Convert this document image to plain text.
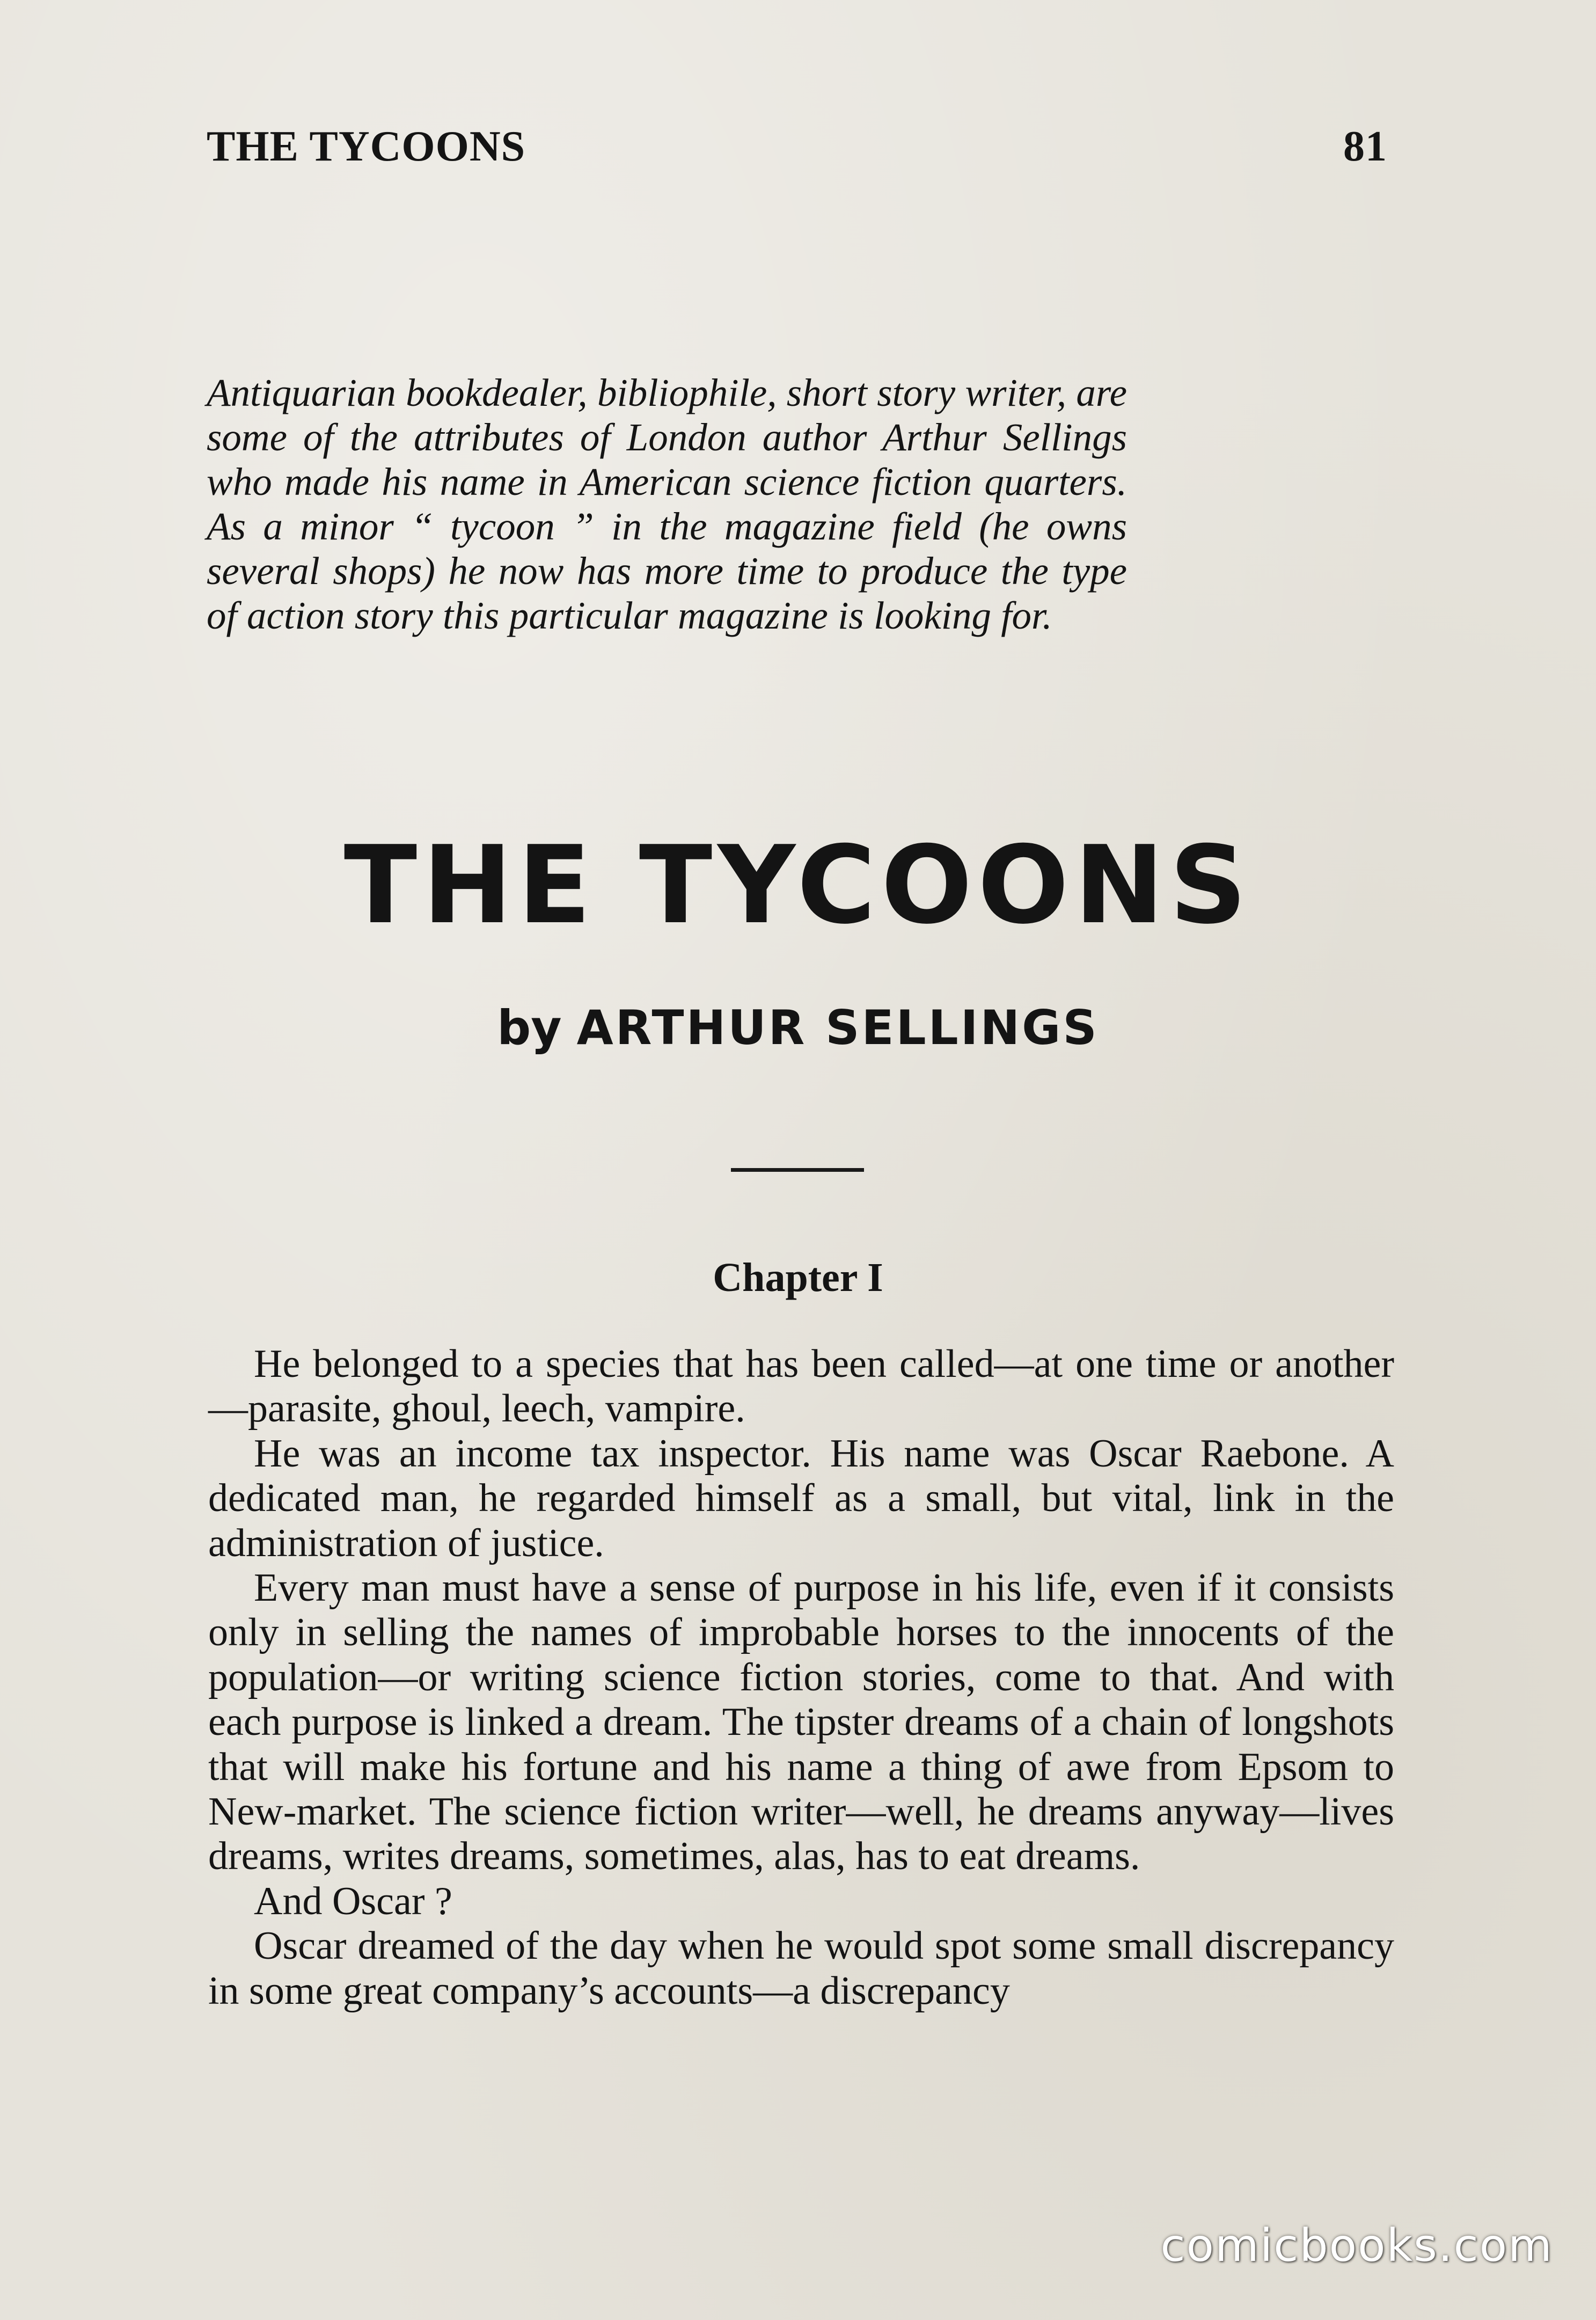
THE TYCOONS	81
Antiquarian bookdealer, bibliophile, short story writer, are some of the attributes of London author Arthur Sellings who made his name in American science fiction quarters. As a minor “ tycoon ” in the magazine field (he owns several shops) he now has more time to produce the type of action story this particular magazine is looking for.
THE TYCOONS
by ARTHUR SELLINGS
Chapter I

He belonged to a species that has been called—at one time or another—parasite, ghoul, leech, vampire.

He was an income tax inspector. His name was Oscar Raebone. A dedicated man, he regarded himself as a small, but vital, link in the administration of justice.

Every man must have a sense of purpose in his life, even if it consists only in selling the names of improbable horses to the innocents of the population—or writing science fiction stories, come to that. And with each purpose is linked a dream. The tipster dreams of a chain of longshots that will make his fortune and his name a thing of awe from Epsom to New-market. The science fiction writer—well, he dreams anyway—lives dreams, writes dreams, sometimes, alas, has to eat dreams.

And Oscar ?

Oscar dreamed of the day when he would spot some small discrepancy in some great company’s accounts—a discrepancy

comicbooks.com
